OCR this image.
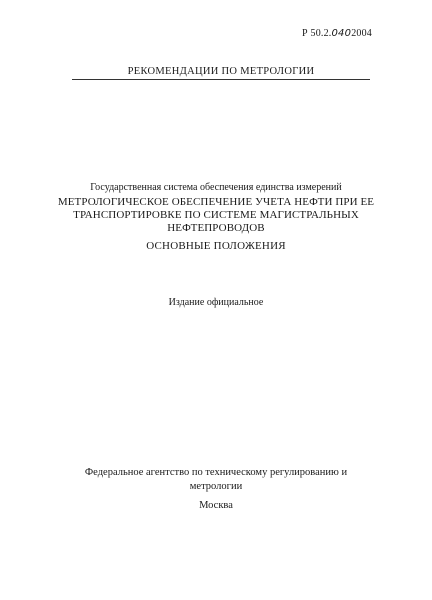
Р 50.2.0402004
РЕКОМЕНДАЦИИ ПО МЕТРОЛОГИИ
Государственная система обеспечения единства измерений
МЕТРОЛОГИЧЕСКОЕ ОБЕСПЕЧЕНИЕ УЧЕТА НЕФТИ ПРИ ЕЕ
ТРАНСПОРТИРОВКЕ ПО СИСТЕМЕ МАГИСТРАЛЬНЫХ
НЕФТЕПРОВОДОВ
ОСНОВНЫЕ ПОЛОЖЕНИЯ
Издание официальное
Федеральное агентство по техническому регулированию и
метрологии
Москва
